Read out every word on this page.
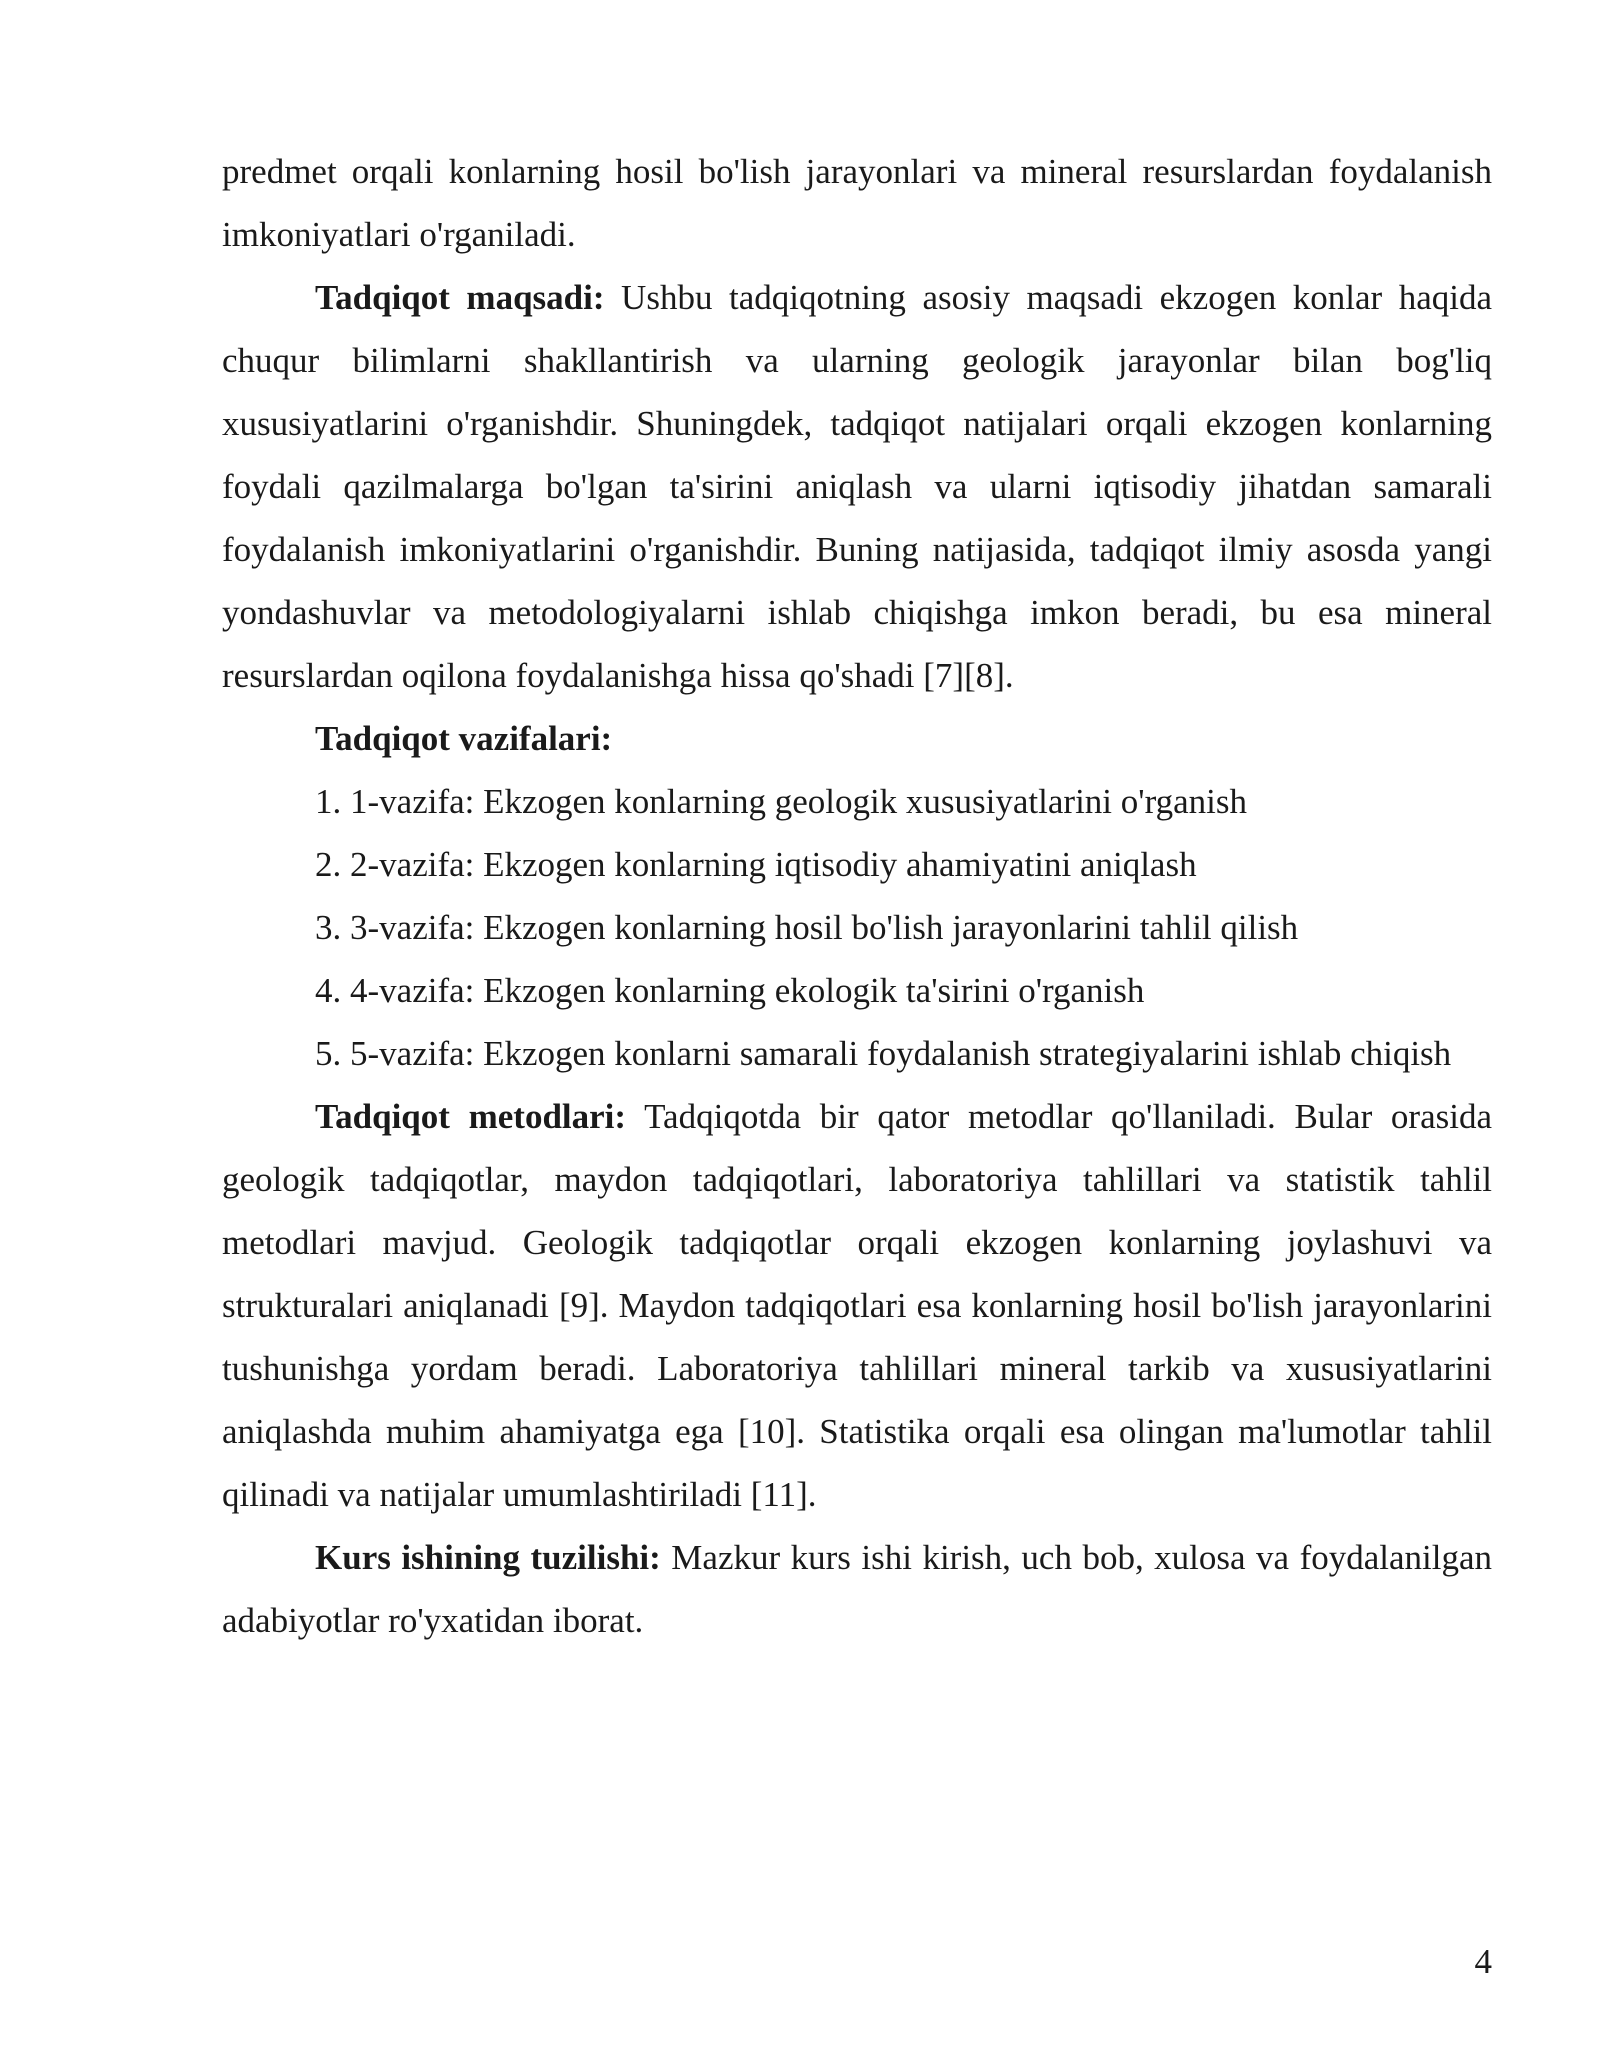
predmet orqali konlarning hosil bo'lish jarayonlari va mineral resurslardan foydalanish imkoniyatlari o'rganiladi.

Tadqiqot maqsadi: Ushbu tadqiqotning asosiy maqsadi ekzogen konlar haqida chuqur bilimlarni shakllantirish va ularning geologik jarayonlar bilan bog'liq xususiyatlarini o'rganishdir. Shuningdek, tadqiqot natijalari orqali ekzogen konlarning foydali qazilmalarga bo'lgan ta'sirini aniqlash va ularni iqtisodiy jihatdan samarali foydalanish imkoniyatlarini o'rganishdir. Buning natijasida, tadqiqot ilmiy asosda yangi yondashuvlar va metodologiyalarni ishlab chiqishga imkon beradi, bu esa mineral resurslardan oqilona foydalanishga hissa qo'shadi [7][8].

Tadqiqot vazifalari:

1. 1-vazifa: Ekzogen konlarning geologik xususiyatlarini o'rganish
2. 2-vazifa: Ekzogen konlarning iqtisodiy ahamiyatini aniqlash
3. 3-vazifa: Ekzogen konlarning hosil bo'lish jarayonlarini tahlil qilish
4. 4-vazifa: Ekzogen konlarning ekologik ta'sirini o'rganish
5. 5-vazifa: Ekzogen konlarni samarali foydalanish strategiyalarini ishlab chiqish

Tadqiqot metodlari: Tadqiqotda bir qator metodlar qo'llaniladi. Bular orasida geologik tadqiqotlar, maydon tadqiqotlari, laboratoriya tahlillari va statistik tahlil metodlari mavjud. Geologik tadqiqotlar orqali ekzogen konlarning joylashuvi va strukturalari aniqlanadi [9]. Maydon tadqiqotlari esa konlarning hosil bo'lish jarayonlarini tushunishga yordam beradi. Laboratoriya tahlillari mineral tarkib va xususiyatlarini aniqlashda muhim ahamiyatga ega [10]. Statistika orqali esa olingan ma'lumotlar tahlil qilinadi va natijalar umumlashtiriladi [11].

Kurs ishining tuzilishi: Mazkur kurs ishi kirish, uch bob, xulosa va foydalanilgan adabiyotlar ro'yxatidan iborat.

4
